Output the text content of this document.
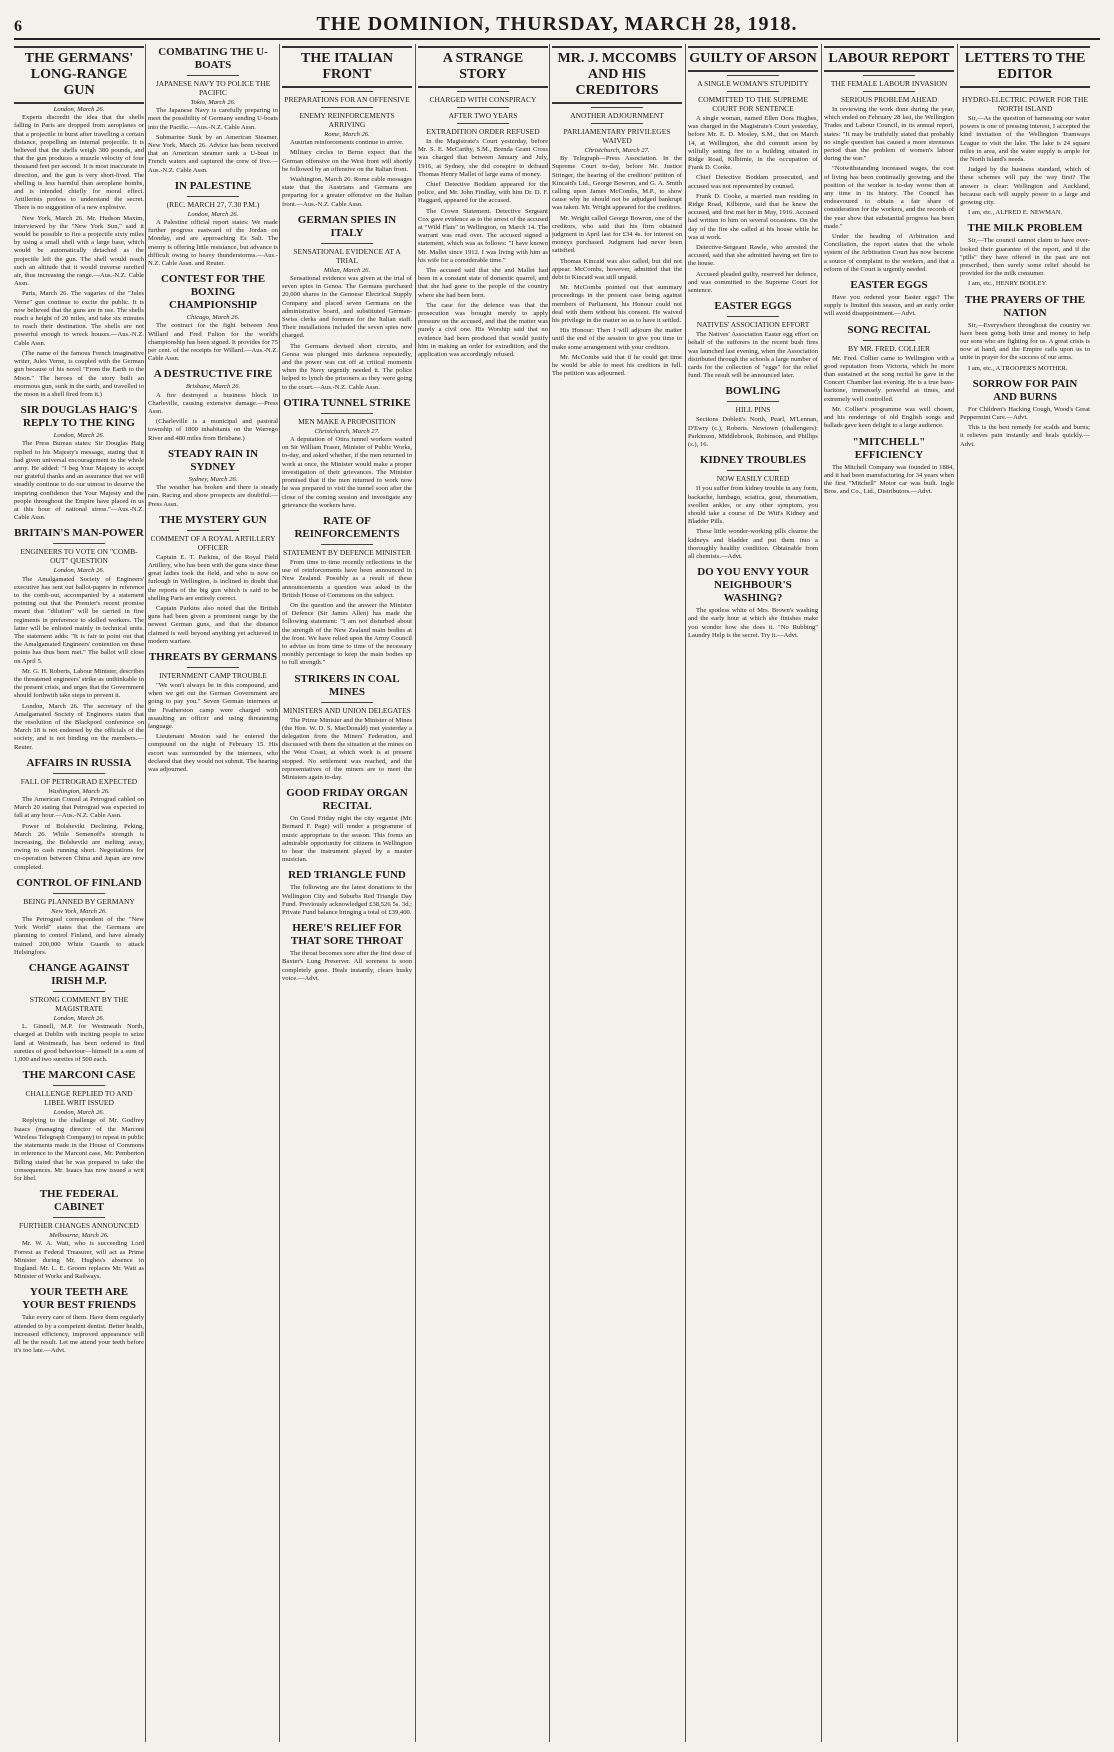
6	THE DOMINION, THURSDAY, MARCH 28, 1918.
THE GERMANS' LONG-RANGE GUN
London, March 26.

Experts discredit the idea that the shells falling in Paris are dropped from aeroplanes or that a projectile in burst after travelling a certain distance, propelling an internal projectile. It is believed that the shells weigh 380 pounds, and that the gun produces a muzzle velocity of four thousand feet per second. It is most inaccurate in direction, and the gun is very short-lived. The shelling is less harmful than aeroplane bombs, and is intended chiefly for moral effect. Artillerists profess to understand the secret. There is no suggestion of a new explosive.

New York, March 26. Mr. Hudson Maxim, interviewed by the "New York Sun," said it would be possible to fire a projectile sixty miles by using a small shell with a large base, which would be automatically detached as the projectile left the gun. The shell would reach such an altitude that it would traverse rarefied air, thus increasing the range.—Aus.-N.Z. Cable Assn.

Paris, March 26. The vagaries of the "Jules Verne" gun continue to excite the public. It is now believed that the guns are in use. The shells reach a height of 20 miles, and take six minutes to reach their destination. The shells are not powerful enough to wreck houses.—Aus.-N.Z. Cable Assn.

(The name of the famous French imaginative writer, Jules Verne, is coupled with the German gun because of his novel "From the Earth to the Moon." The heroes of the story built an enormous gun, sunk in the earth, and travelled to the moon in a shell fired from it.)

SIR DOUGLAS HAIG'S REPLY TO THE KING
London, March 26.

The Press Bureau states: Sir Douglas Haig replied to his Majesty's message, stating that it had given universal encouragement to the whole army. He added: "I beg Your Majesty to accept our grateful thanks and an assurance that we will steadily continue to do our utmost to deserve the inspiring confidence that Your Majesty and the people throughout the Empire have placed in us at this hour of national stress."—Aus.-N.Z. Cable Assn.

BRITAIN'S MAN-POWER
ENGINEERS TO VOTE ON "COMB-OUT" QUESTION
London, March 26.

The Amalgamated Society of Engineers' executive has sent out ballot-papers in reference to the comb-out, accompanied by a statement pointing out that the Premier's recent promise meant that "dilution" will be carried in fine regiments in preference to skilled workers. The latter will be enlisted mainly in technical units. The statement adds: "It is fair to point out that the Amalgamated Engineers' contention on these points has thus been met." The ballot will close on April 5.

Mr. G. H. Roberts, Labour Minister, describes the threatened engineers' strike as unthinkable in the present crisis, and urges that the Government should forthwith take steps to prevent it.

London, March 26. The secretary of the Amalgamated Society of Engineers states that the resolution of the Blackpool conference on March 18 is not endorsed by the officials of the society, and is not binding on the members.—Reuter.

AFFAIRS IN RUSSIA
FALL OF PETROGRAD EXPECTED
Washington, March 26.

The American Consul at Petrograd cabled on March 20 stating that Petrograd was expected to fall at any hour.—Aus.-N.Z. Cable Assn.

Power of Bolsheviki Declining. Peking, March 26. While Semenoff's strength is increasing, the Bolsheviki are melting away, owing to cash running short. Negotiations for co-operation between China and Japan are now completed.

CONTROL OF FINLAND
BEING PLANNED BY GERMANY
New York, March 26.

The Petrograd correspondent of the "New York World" states that the Germans are planning to control Finland, and have already trained 200,000 White Guards to attack Helsingfors.

CHANGE AGAINST IRISH M.P.
STRONG COMMENT BY THE MAGISTRATE
London, March 26.

L. Ginnell, M.P. for Westmeath North, charged at Dublin with inciting people to seize land at Westmeath, has been ordered to find sureties of good behaviour—himself in a sum of 1,000 and two sureties of 500 each.

THE MARCONI CASE
CHALLENGE REPLIED TO AND LIBEL WRIT ISSUED
London, March 26.

Replying to the challenge of Mr. Godfrey Isaacs (managing director of the Marconi Wireless Telegraph Company) to repeat in public the statements made in the House of Commons in reference to the Marconi case, Mr. Pemberton Billing stated that he was prepared to take the consequences. Mr. Isaacs has now issued a writ for libel.

THE FEDERAL CABINET
FURTHER CHANGES ANNOUNCED
Melbourne, March 26.

Mr. W. A. Watt, who is succeeding Lord Forrest as Federal Treasurer, will act as Prime Minister during Mr. Hughes's absence in England. Mr. L. E. Groom replaces Mr. Watt as Minister of Works and Railways.

YOUR TEETH ARE YOUR BEST FRIENDS

Take every care of them. Have them regularly attended to by a competent dentist. Better health, increased efficiency, improved appearance will all be the result. Let me attend your teeth before it's too late.—Advt.

COMBATING THE U-BOATS
JAPANESE NAVY TO POLICE THE PACIFIC
Tokio, March 26.

The Japanese Navy is carefully preparing to meet the possibility of Germany sending U-boats into the Pacific.—Aus.-N.Z. Cable Assn.

Submarine Sunk by an American Steamer. New York, March 26. Advice has been received that an American steamer sank a U-boat in French waters and captured the crew of five.—Aus.-N.Z. Cable Assn.

IN PALESTINE
(REC. MARCH 27, 7.30 P.M.)
London, March 26.

A Palestine official report states: We made further progress eastward of the Jordan on Monday, and are approaching Es Salt. The enemy is offering little resistance, but advance is difficult owing to heavy thunderstorms.—Aus.-N.Z. Cable Assn. and Reuter.

CONTEST FOR THE BOXING CHAMPIONSHIP
Chicago, March 26.

The contract for the fight between Jess Willard and Fred Fulton for the world's championship has been signed. It provides for 75 per cent. of the receipts for Willard.—Aus.-N.Z. Cable Assn.

A DESTRUCTIVE FIRE
Brisbane, March 26.

A fire destroyed a business block in Charleville, causing extensive damage.—Press Assn.

(Charleville is a municipal and pastoral township of 1800 inhabitants on the Warrego River and 480 miles from Brisbane.)

STEADY RAIN IN SYDNEY
Sydney, March 26.

The weather has broken and there is steady rain. Racing and show prospects are doubtful.—Press Assn.

THE MYSTERY GUN
COMMENT OF A ROYAL ARTILLERY OFFICER

Captain E. T. Parkins, of the Royal Field Artillery, who has been with the guns since these great ladies took the field, and who is now on furlough in Wellington, is inclined to doubt that the reports of the big gun which is said to be shelling Paris are entirely correct.

Captain Parkins also noted that the British guns had been given a prominent range by the newest German guns, and that the distance claimed is well beyond anything yet achieved in modern warfare.

THREATS BY GERMANS
INTERNMENT CAMP TROUBLE

"We won't always be in this compound, and when we get out the German Government are going to pay you." Seven German internees at the Featherston camp were charged with assaulting an officer and using threatening language.

Lieutenant Moston said he entered the compound on the night of February 15. His escort was surrounded by the internees, who declared that they would not submit. The hearing was adjourned.

THE ITALIAN FRONT
PREPARATIONS FOR AN OFFENSIVE
ENEMY REINFORCEMENTS ARRIVING
Rome, March 26.

Austrian reinforcements continue to arrive.

Military circles in Berne expect that the German offensive on the West front will shortly be followed by an offensive on the Italian front.

Washington, March 26. Rome cable messages state that the Austrians and Germans are preparing for a greater offensive on the Italian front.—Aus.-N.Z. Cable Assn.

GERMAN SPIES IN ITALY
SENSATIONAL EVIDENCE AT A TRIAL
Milan, March 26.

Sensational evidence was given at the trial of seven spies in Genoa. The Germans purchased 20,000 shares in the Genoese Electrical Supply Company and placed seven Germans on the administrative board, and substituted German-Swiss clerks and foremen for the Italian staff. Their installations included the seven spies now charged.

The Germans devised short circuits, and Genoa was plunged into darkness repeatedly, and the power was cut off at critical moments when the Navy urgently needed it. The police helped to lynch the prisoners as they were going to the court.—Aus.-N.Z. Cable Assn.

OTIRA TUNNEL STRIKE
MEN MAKE A PROPOSITION
Christchurch, March 27.

A deputation of Otira tunnel workers waited on Sir William Fraser, Minister of Public Works, to-day, and asked whether, if the men returned to work at once, the Minister would make a proper investigation of their grievances. The Minister promised that if the men returned to work now he was prepared to visit the tunnel soon after the close of the coming session and investigate any grievance the workers have.

RATE OF REINFORCEMENTS
STATEMENT BY DEFENCE MINISTER

From time to time recently reflections in the use of reinforcements have been announced in New Zealand. Possibly as a result of these announcements a question was asked in the British House of Commons on the subject.

On the question and the answer the Minister of Defence (Sir James Allen) has made the following statement: "I am not disturbed about the strength of the New Zealand main bodies at the front. We have relied upon the Army Council to advise us from time to time of the necessary monthly percentage to keep the main bodies up to full strength."

STRIKERS IN COAL MINES
MINISTERS AND UNION DELEGATES

The Prime Minister and the Minister of Mines (the Hon. W. D. S. MacDonald) met yesterday a delegation from the Miners' Federation, and discussed with them the situation at the mines on the West Coast, at which work is at present stopped. No settlement was reached, and the representatives of the miners are to meet the Ministers again to-day.

GOOD FRIDAY ORGAN RECITAL

On Good Friday night the city organist (Mr. Bernard F. Page) will render a programme of music appropriate to the season. This forms an admirable opportunity for citizens in Wellington to hear the instrument played by a master musician.

RED TRIANGLE FUND

The following are the latest donations to the Wellington City and Suburbs Red Triangle Day Fund. Previously acknowledged £38,526 5s. 3d.; Private Fund balance bringing a total of £39,400.

HERE'S RELIEF FOR THAT SORE THROAT

The throat becomes sore after the first dose of Baxter's Lung Preserver. All soreness is soon completely gone. Heals instantly, clears husky voice.—Advt.

A STRANGE STORY
CHARGED WITH CONSPIRACY
AFTER TWO YEARS
EXTRADITION ORDER REFUSED

In the Magistrate's Court yesterday, before Mr. S. E. McCarthy, S.M., Brenda Grant Cross was charged that between January and July, 1916, at Sydney, she did conspire to defraud Thomas Henry Mallet of large sums of money.

Chief Detective Boddam appeared for the police, and Mr. John Findlay, with him Dr. D. F. Haggard, appeared for the accused.

The Crown Statement. Detective Sergeant Cox gave evidence as to the arrest of the accused at "Wild Flats" in Wellington, on March 14. The warrant was read over. The accused signed a statement, which was as follows: "I have known Mr. Mallet since 1912. I was living with him as his wife for a considerable time."

The accused said that she and Mallet had been in a constant state of domestic quarrel, and that she had gone to the people of the country where she had been born.

The case for the defence was that the prosecution was brought merely to apply pressure on the accused, and that the matter was purely a civil one. His Worship said that no evidence had been produced that would justify him in making an order for extradition, and the application was accordingly refused.

MR. J. MCCOMBS AND HIS CREDITORS
ANOTHER ADJOURNMENT
PARLIAMENTARY PRIVILEGES WAIVED
Christchurch, March 27.

By Telegraph—Press Association. In the Supreme Court to-day, before Mr. Justice Stringer, the hearing of the creditors' petition of Kincaid's Ltd., George Bowron, and G. A. Smith calling upon James McCombs, M.P., to show cause why he should not be adjudged bankrupt was taken. Mr. Wright appeared for the creditors.

Mr. Wright called George Bowron, one of the creditors, who said that his firm obtained judgment in April last for £34 4s. for interest on moneys purchased. Judgment had never been satisfied.

Thomas Kincaid was also called, but did not appear. McCombs, however, admitted that the debt to Kincaid was still unpaid.

Mr. McCombs pointed out that summary proceedings in the present case being against members of Parliament, his Honour could not deal with them without his consent. He waived his privilege in the matter so as to have it settled.

His Honour: Then I will adjourn the matter until the end of the session to give you time to make some arrangement with your creditors.

Mr. McCombs said that if he could get time he would be able to meet his creditors in full. The petition was adjourned.

GUILTY OF ARSON
A SINGLE WOMAN'S STUPIDITY
COMMITTED TO THE SUPREME COURT FOR SENTENCE

A single woman, named Ellen Dora Hughes, was charged in the Magistrate's Court yesterday, before Mr. E. D. Mosley, S.M., that on March 14, at Wellington, she did commit arson by wilfully setting fire to a building situated in Ridge Road, Kilbirnie, in the occupation of Frank D. Cooke.

Chief Detective Boddam prosecuted, and accused was not represented by counsel.

Frank D. Cooke, a married man residing in Ridge Road, Kilbirnie, said that he knew the accused, and first met her in May, 1916. Accused had written to him on several occasions. On the day of the fire she called at his house while he was at work.

Detective-Sergeant Rawle, who arrested the accused, said that she admitted having set fire to the house.

Accused pleaded guilty, reserved her defence, and was committed to the Supreme Court for sentence.

EASTER EGGS
NATIVES' ASSOCIATION EFFORT

The Natives' Association Easter egg effort on behalf of the sufferers in the recent bush fires was launched last evening, when the Association distributed through the schools a large number of cards for the collection of "eggs" for the relief fund. The result will be announced later.

BOWLING
HILL PINS

Sections Doblett's North, Pearl, M'Lennan, D'Ewry (c.), Roberts. Newtown (challengers): Parkinson, Middlebrook, Robinson, and Phillips (s.), 16.

KIDNEY TROUBLES
NOW EASILY CURED

If you suffer from kidney trouble in any form, backache, lumbago, sciatica, gout, rheumatism, swollen ankles, or any other symptom, you should take a course of De Witt's Kidney and Bladder Pills.

These little wonder-working pills cleanse the kidneys and bladder and put them into a thoroughly healthy condition. Obtainable from all chemists.—Advt.

DO YOU ENVY YOUR NEIGHBOUR'S WASHING?

The spotless white of Mrs. Brown's washing and the early hour at which she finishes make you wonder how she does it. "No Rubbing" Laundry Help is the secret. Try it.—Advt.

LABOUR REPORT
THE FEMALE LABOUR INVASION
SERIOUS PROBLEM AHEAD

In reviewing the work done during the year, which ended on February 28 last, the Wellington Trades and Labour Council, in its annual report, states: "It may be truthfully stated that probably no single question has caused a more strenuous period than the problem of women's labour during the war."

"Notwithstanding increased wages, the cost of living has been continually growing, and the position of the worker is to-day worse than at any time in its history. The Council has endeavoured to obtain a fair share of consideration for the workers, and the records of the year show that substantial progress has been made."

Under the heading of Arbitration and Conciliation, the report states that the whole system of the Arbitration Court has now become a source of complaint to the workers, and that a reform of the Court is urgently needed.

EASTER EGGS

Have you ordered your Easter eggs? The supply is limited this season, and an early order will avoid disappointment.—Advt.

SONG RECITAL
BY MR. FRED. COLLIER

Mr. Fred. Collier came to Wellington with a good reputation from Victoria, which he more than sustained at the song recital he gave in the Concert Chamber last evening. He is a true bass-baritone, immensely powerful at times, and extremely well controlled.

Mr. Collier's programme was well chosen, and his renderings of old English songs and ballads gave keen delight to a large audience.

"MITCHELL" EFFICIENCY

The Mitchell Company was founded in 1884, and it had been manufacturing for 34 years when the first "Mitchell" Motor car was built. Ingle Bros. and Co., Ltd., Distributors.—Advt.

LETTERS TO THE EDITOR
HYDRO-ELECTRIC POWER FOR THE NORTH ISLAND

Sir,—As the question of harnessing our water powers is one of pressing interest, I accepted the kind invitation of the Wellington Tramways League to visit the lake. The lake is 24 square miles in area, and the water supply is ample for the North Island's needs.

Judged by the business standard, which of these schemes will pay the way first? The answer is clear: Wellington and Auckland, because each will supply power to a large and growing city.

I am, etc., ALFRED E. NEWMAN.

THE MILK PROBLEM

Sir,—The council cannot claim to have over-looked their guarantee of the report, and if the "pills" they have offered in the past are not prescribed, then surely some relief should be provided for the milk consumer.

I am, etc., HENRY BODLEY.

THE PRAYERS OF THE NATION

Sir,—Everywhere throughout the country we have been going both time and money to help our sons who are fighting for us. A great crisis is now at hand, and the Empire calls upon us to unite in prayer for the success of our arms.

I am, etc., A TROOPER'S MOTHER.

SORROW FOR PAIN AND BURNS

For Children's Hacking Cough, Wood's Great Peppermint Cure.—Advt.

This is the best remedy for scalds and burns; it relieves pain instantly and heals quickly.—Advt.
